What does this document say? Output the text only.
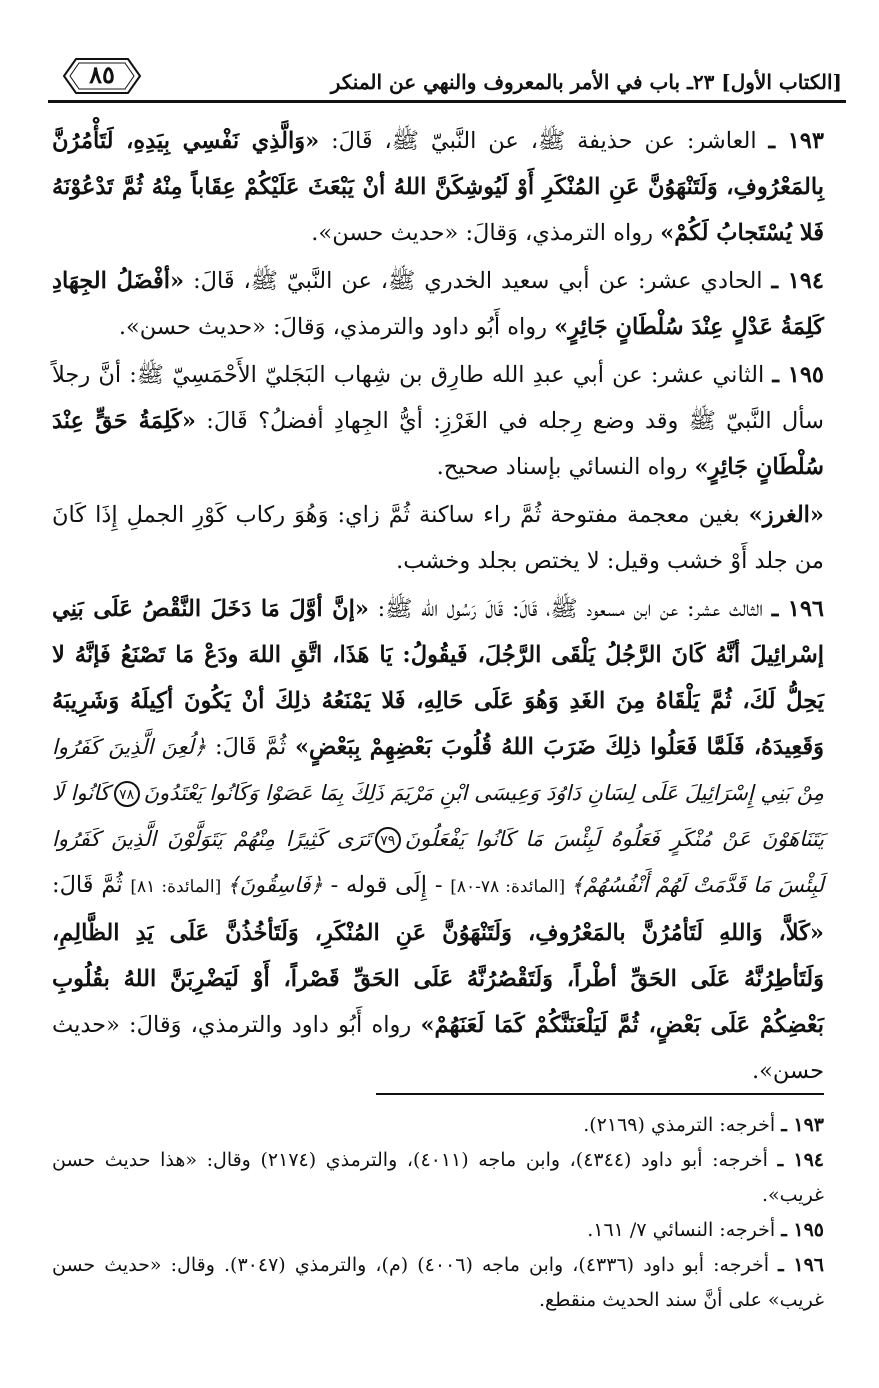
[الكتاب الأول] ٢٣ـ باب في الأمر بالمعروف والنهي عن المنكر
٨٥

١٩٣ ـ العاشر: عن حذيفة ﷺ، عن النَّبيّ ﷺ، قَالَ: «وَالَّذِي نَفْسِي بِيَدِهِ، لَتَأْمُرُنَّ بِالمَعْرُوفِ، وَلَتَنْهَوُنَّ عَنِ المُنْكَرِ أَوْ لَيُوشِكَنَّ اللهُ أنْ يَبْعَثَ عَلَيْكُمْ عِقَاباً مِنْهُ ثُمَّ تَدْعُوْنَهُ فَلا يُسْتَجابُ لَكُمْ» رواه الترمذي، وَقالَ: «حديث حسن».

١٩٤ ـ الحادي عشر: عن أبي سعيد الخدري ﷺ، عن النَّبيّ ﷺ، قَالَ: «أفْضَلُ الجِهَادِ كَلِمَةُ عَدْلٍ عِنْدَ سُلْطَانٍ جَائِرٍ» رواه أَبُو داود والترمذي، وَقالَ: «حديث حسن».

١٩٥ ـ الثاني عشر: عن أبي عبدِ الله طارِق بن شِهاب البَجَليّ الأَحْمَسِيّ ﷺ: أنَّ رجلاً سأل النَّبيّ ﷺ وقد وضع رِجله في الغَرْزِ: أيُّ الجِهادِ أفضلُ؟ قَالَ: «كَلِمَةُ حَقٍّ عِنْدَ سُلْطَانٍ جَائِرٍ» رواه النسائي بإسناد صحيح.

«الغرز» بغين معجمة مفتوحة ثُمَّ راء ساكنة ثُمَّ زاي: وَهُوَ ركاب كَوْرِ الجملِ إِذَا كَانَ من جلد أَوْ خشب وقيل: لا يختص بجلد وخشب.

١٩٦ ـ الثالث عشر: عن ابن مسعود ﷺ، قَالَ: قَالَ رَسُول الله ﷺ: «إنَّ أوَّلَ مَا دَخَلَ النَّقْصُ عَلَى بَنِي إسْرائِيلَ أنَّهُ كَانَ الرَّجُلُ يَلْقَى الرَّجُلَ، فَيقُولُ: يَا هَذَا، اتَّقِ اللهَ ودَعْ مَا تَصْنَعُ فَإنَّهُ لا يَحِلُّ لَكَ، ثُمَّ يَلْقَاهُ مِنَ الغَدِ وَهُوَ عَلَى حَالِهِ، فَلا يَمْنَعُهُ ذلِكَ أنْ يَكُونَ أكِيلَهُ وَشَرِيبَهُ وَقَعِيدَهُ، فَلَمَّا فَعَلُوا ذلِكَ ضَرَبَ اللهُ قُلُوبَ بَعْضِهِمْ بِبَعْضٍ» ثُمَّ قَالَ: ﴿لُعِنَ الَّذِينَ كَفَرُوا مِنْ بَنِي إِسْرَائِيلَ عَلَى لِسَانِ دَاوُدَ وَعِيسَى ابْنِ مَرْيَمَ ذَلِكَ بِمَا عَصَوْا وَكَانُوا يَعْتَدُونَ٧٨كَانُوا لَا يَتَنَاهَوْنَ عَنْ مُنْكَرٍ فَعَلُوهُ لَبِئْسَ مَا كَانُوا يَفْعَلُونَ٧٩تَرَى كَثِيرًا مِنْهُمْ يَتَوَلَّوْنَ الَّذِينَ كَفَرُوا لَبِئْسَ مَا قَدَّمَتْ لَهُمْ أَنْفُسُهُمْ﴾ [المائدة: ٧٨-٨٠] - إِلَى قوله - ﴿فَاسِقُونَ﴾ [المائدة: ٨١] ثُمَّ قَالَ: «كَلاَّ، وَاللهِ لَتَأمُرُنَّ بالمَعْرُوفِ، وَلَتَنْهَوُنَّ عَنِ المُنْكَرِ، وَلَتَأخُذُنَّ عَلَى يَدِ الظَّالِمِ، وَلَتَأطِرُنَّهُ عَلَى الحَقِّ أطْراً، وَلَتَقْصُرُنَّهُ عَلَى الحَقِّ قَصْراً، أَوْ لَيَضْرِبَنَّ اللهُ بقُلُوبِ بَعْضِكُمْ عَلَى بَعْضٍ، ثُمَّ لَيَلْعَنَنَّكُمْ كَمَا لَعَنَهُمْ» رواه أَبُو داود والترمذي، وَقالَ: «حديث حسن».

١٩٣ ـ أخرجه: الترمذي (٢١٦٩).

١٩٤ ـ أخرجه: أبو داود (٤٣٤٤)، وابن ماجه (٤٠١١)، والترمذي (٢١٧٤) وقال: «هذا حديث حسن غريب».

١٩٥ ـ أخرجه: النسائي ٧/ ١٦١.

١٩٦ ـ أخرجه: أبو داود (٤٣٣٦)، وابن ماجه (٤٠٠٦) (م)، والترمذي (٣٠٤٧). وقال: «حديث حسن غريب» على أنَّ سند الحديث منقطع.
